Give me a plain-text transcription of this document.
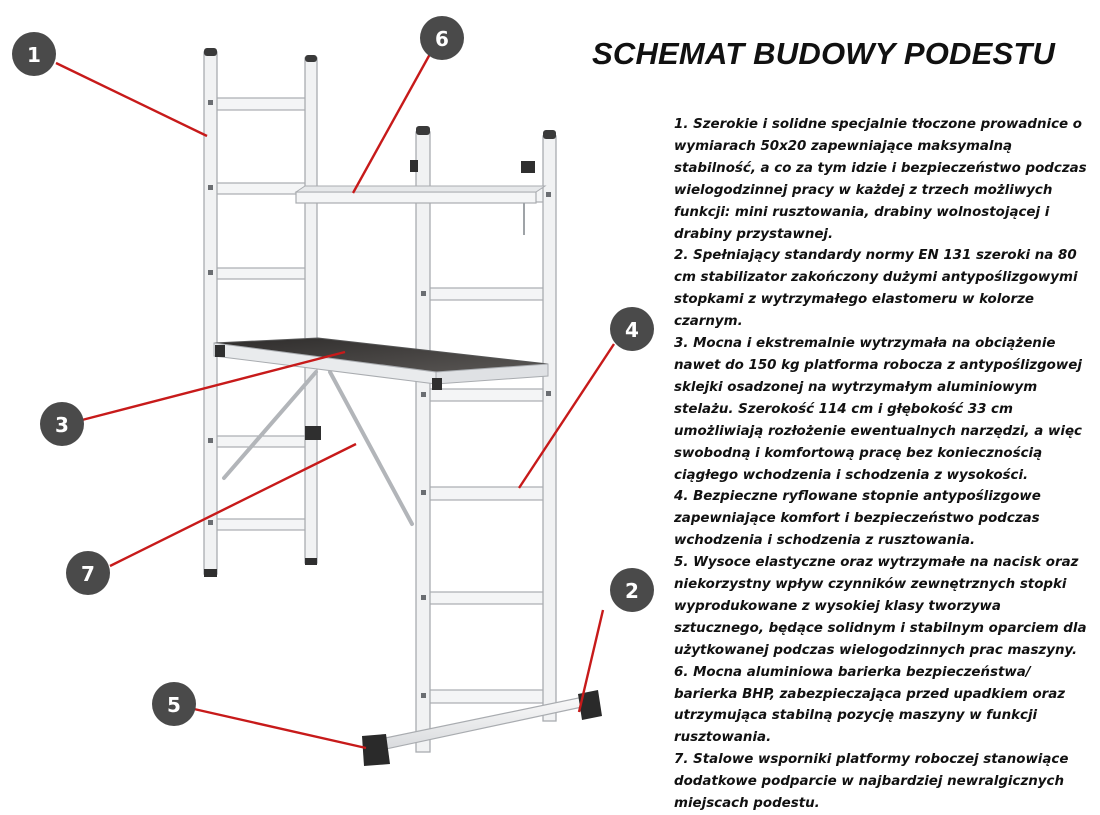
1
2
3
4
5
6
7
SCHEMAT BUDOWY PODESTU

1. Szerokie i solidne specjalnie tłoczone prowadnice o wymiarach 50x20 zapewniające maksymalną stabilność, a co za tym idzie i bezpieczeństwo podczas wielogodzinnej pracy w każdej z trzech możliwych funkcji: mini rusztowania, drabiny wolnostojącej i drabiny przystawnej.

2. Spełniający standardy normy EN 131 szeroki na 80 cm stabilizator zakończony dużymi antypoślizgowymi stopkami z wytrzymałego elastomeru w kolorze czarnym.

3. Mocna i ekstremalnie wytrzymała na obciążenie nawet do 150 kg platforma robocza z antypoślizgowej sklejki osadzonej na wytrzymałym aluminiowym stelażu. Szerokość 114 cm i głębokość 33 cm umożliwiają rozłożenie ewentualnych narzędzi, a więc swobodną i komfortową pracę bez koniecznością ciągłego wchodzenia i schodzenia z wysokości.

4. Bezpieczne ryflowane stopnie antypoślizgowe zapewniające komfort i bezpieczeństwo podczas wchodzenia i schodzenia z rusztowania.

5. Wysoce elastyczne oraz wytrzymałe na nacisk oraz niekorzystny wpływ czynników zewnętrznych stopki wyprodukowane z wysokiej klasy tworzywa sztucznego, będące solidnym i stabilnym oparciem dla użytkowanej podczas wielogodzinnych prac maszyny.

6. Mocna aluminiowa barierka bezpieczeństwa/ barierka BHP, zabezpieczająca przed upadkiem oraz utrzymująca stabilną pozycję maszyny w funkcji rusztowania.

7. Stalowe wsporniki platformy roboczej stanowiące dodatkowe podparcie w najbardziej newralgicznych miejscach podestu.
